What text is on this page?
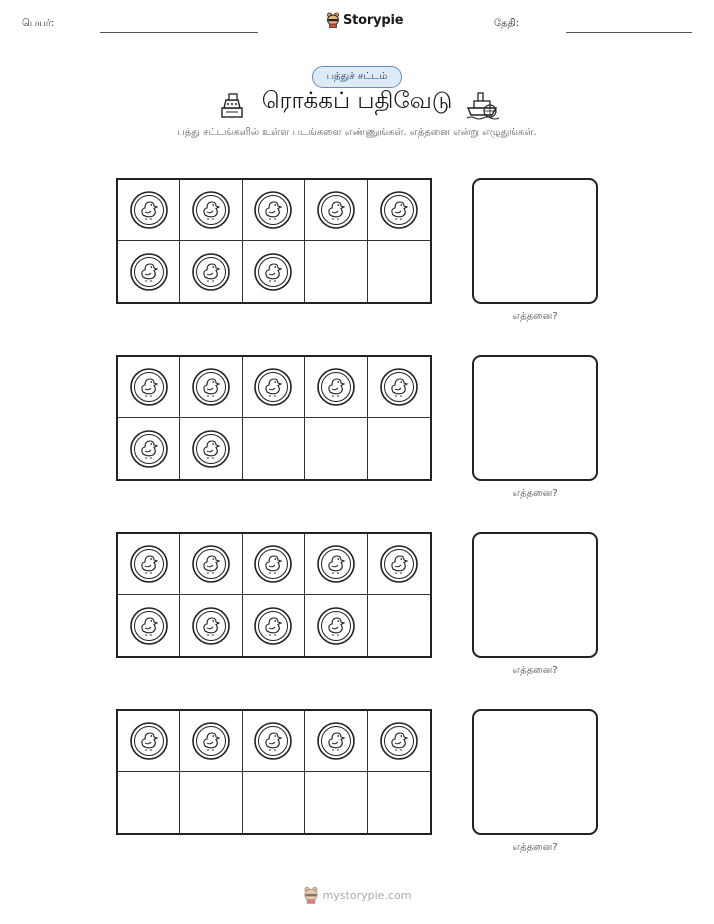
பெயர்:	Storypie	தேதி:
பத்துச் சட்டம்
ரொக்கப் பதிவேடு
பத்து சட்டங்களில் உள்ள படங்களை எண்ணுங்கள். எத்தனை என்று எழுதுங்கள்.
எத்தனை?
எத்தனை?
எத்தனை?
எத்தனை?
mystorypie.com
